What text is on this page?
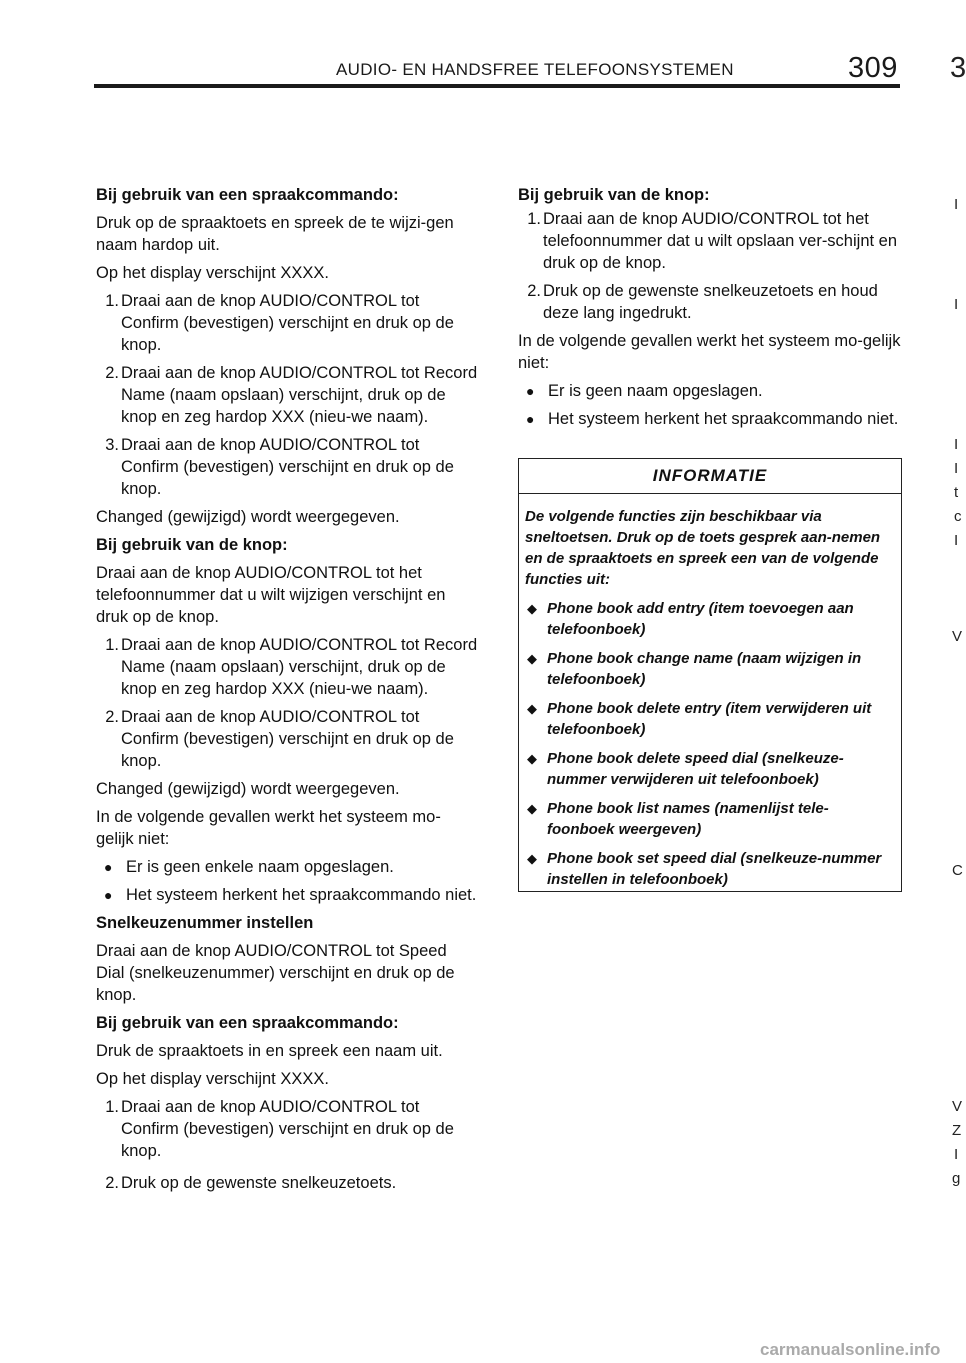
AUDIO- EN HANDSFREE TELEFOONSYSTEMEN	309

Bij gebruik van een spraakcommando:

Druk op de spraaktoets en spreek de te wijzi-gen naam hardop uit.

Op het display verschijnt XXXX.

1. Draai aan de knop AUDIO/CONTROL tot Confirm (bevestigen) verschijnt en druk op de knop.
2. Draai aan de knop AUDIO/CONTROL tot Record Name (naam opslaan) verschijnt, druk op de knop en zeg hardop XXX (nieu-we naam).
3. Draai aan de knop AUDIO/CONTROL tot Confirm (bevestigen) verschijnt en druk op de knop.

Changed (gewijzigd) wordt weergegeven.

Bij gebruik van de knop:

Draai aan de knop AUDIO/CONTROL tot het telefoonnummer dat u wilt wijzigen verschijnt en druk op de knop.

1. Draai aan de knop AUDIO/CONTROL tot Record Name (naam opslaan) verschijnt, druk op de knop en zeg hardop XXX (nieu-we naam).
2. Draai aan de knop AUDIO/CONTROL tot Confirm (bevestigen) verschijnt en druk op de knop.

Changed (gewijzigd) wordt weergegeven.

In de volgende gevallen werkt het systeem mo-gelijk niet:

● Er is geen enkele naam opgeslagen.
● Het systeem herkent het spraakcommando niet.

Snelkeuzenummer instellen

Draai aan de knop AUDIO/CONTROL tot Speed Dial (snelkeuzenummer) verschijnt en druk op de knop.

Bij gebruik van een spraakcommando:

Druk de spraaktoets in en spreek een naam uit.

Op het display verschijnt XXXX.

1. Draai aan de knop AUDIO/CONTROL tot Confirm (bevestigen) verschijnt en druk op de knop.
2. Druk op de gewenste snelkeuzetoets.

Bij gebruik van de knop:

1. Draai aan de knop AUDIO/CONTROL tot het telefoonnummer dat u wilt opslaan ver-schijnt en druk op de knop.
2. Druk op de gewenste snelkeuzetoets en houd deze lang ingedrukt.

In de volgende gevallen werkt het systeem mo-gelijk niet:

● Er is geen naam opgeslagen.
● Het systeem herkent het spraakcommando niet.
INFORMATIE

De volgende functies zijn beschikbaar via sneltoetsen. Druk op de toets gesprek aan-nemen en de spraaktoets en spreek een van de volgende functies uit:

◆ Phone book add entry (item toevoegen aan telefoonboek)
◆ Phone book change name (naam wijzigen in telefoonboek)
◆ Phone book delete entry (item verwijderen uit telefoonboek)
◆ Phone book delete speed dial (snelkeuze-nummer verwijderen uit telefoonboek)
◆ Phone book list names (namenlijst tele-foonboek weergeven)
◆ Phone book set speed dial (snelkeuze-nummer instellen in telefoonboek)
3
I
I
I
I
t
c
I
V
C
V
Z
I
g
carmanualsonline.info
